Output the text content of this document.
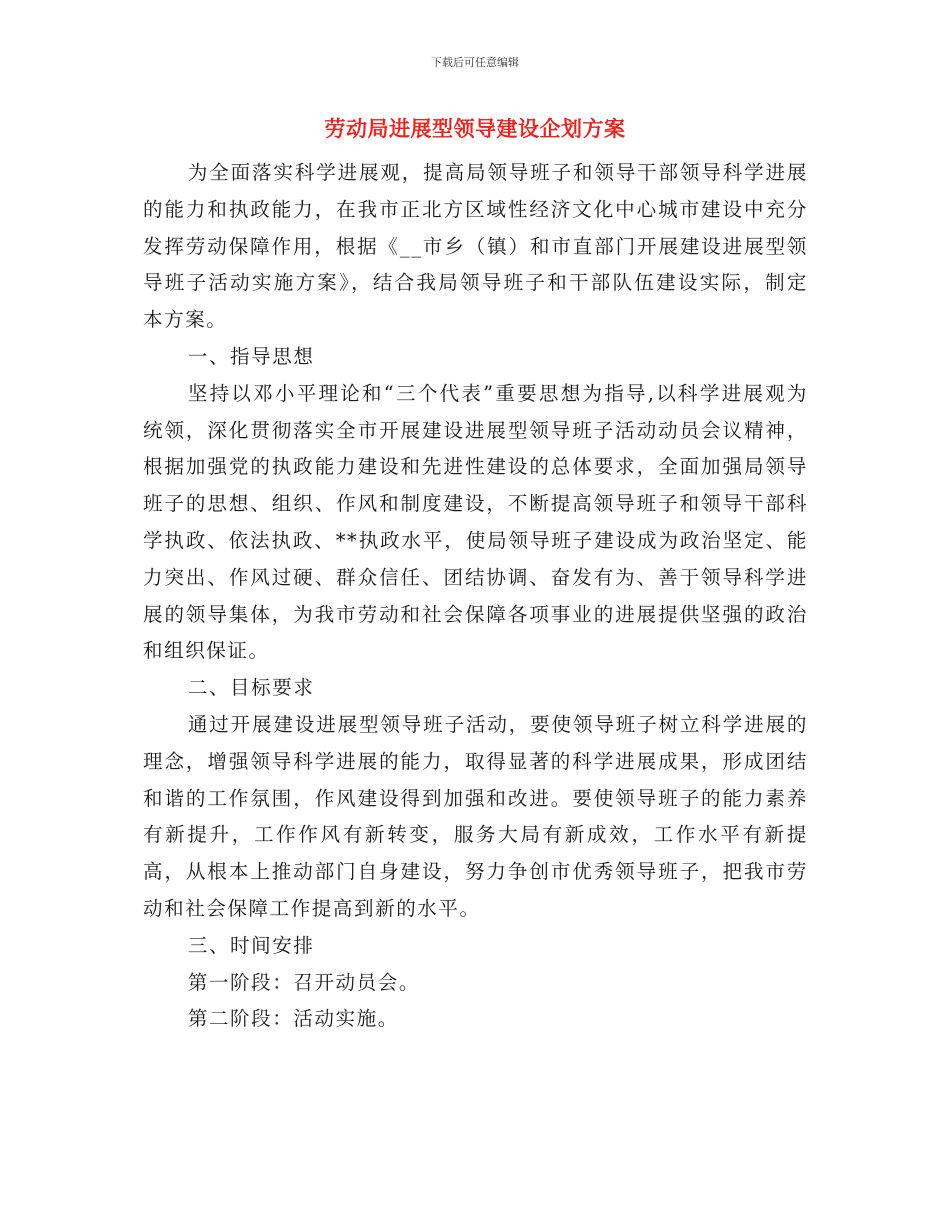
下载后可任意编辑
劳动局进展型领导建设企划方案

为全面落实科学进展观，提高局领导班子和领导干部领导科学进展的能力和执政能力，在我市正北方区域性经济文化中心城市建设中充分发挥劳动保障作用，根据《__市乡（镇）和市直部门开展建设进展型领导班子活动实施方案》，结合我局领导班子和干部队伍建设实际，制定本方案。

一、指导思想

坚持以邓小平理论和“三个代表”重要思想为指导,以科学进展观为统领，深化贯彻落实全市开展建设进展型领导班子活动动员会议精神，根据加强党的执政能力建设和先进性建设的总体要求，全面加强局领导班子的思想、组织、作风和制度建设，不断提高领导班子和领导干部科学执政、依法执政、**执政水平，使局领导班子建设成为政治坚定、能力突出、作风过硬、群众信任、团结协调、奋发有为、善于领导科学进展的领导集体，为我市劳动和社会保障各项事业的进展提供坚强的政治和组织保证。

二、目标要求

通过开展建设进展型领导班子活动，要使领导班子树立科学进展的理念，增强领导科学进展的能力，取得显著的科学进展成果，形成团结和谐的工作氛围，作风建设得到加强和改进。要使领导班子的能力素养有新提升，工作作风有新转变，服务大局有新成效，工作水平有新提高，从根本上推动部门自身建设，努力争创市优秀领导班子，把我市劳动和社会保障工作提高到新的水平。

三、时间安排

第一阶段：召开动员会。

第二阶段：活动实施。
